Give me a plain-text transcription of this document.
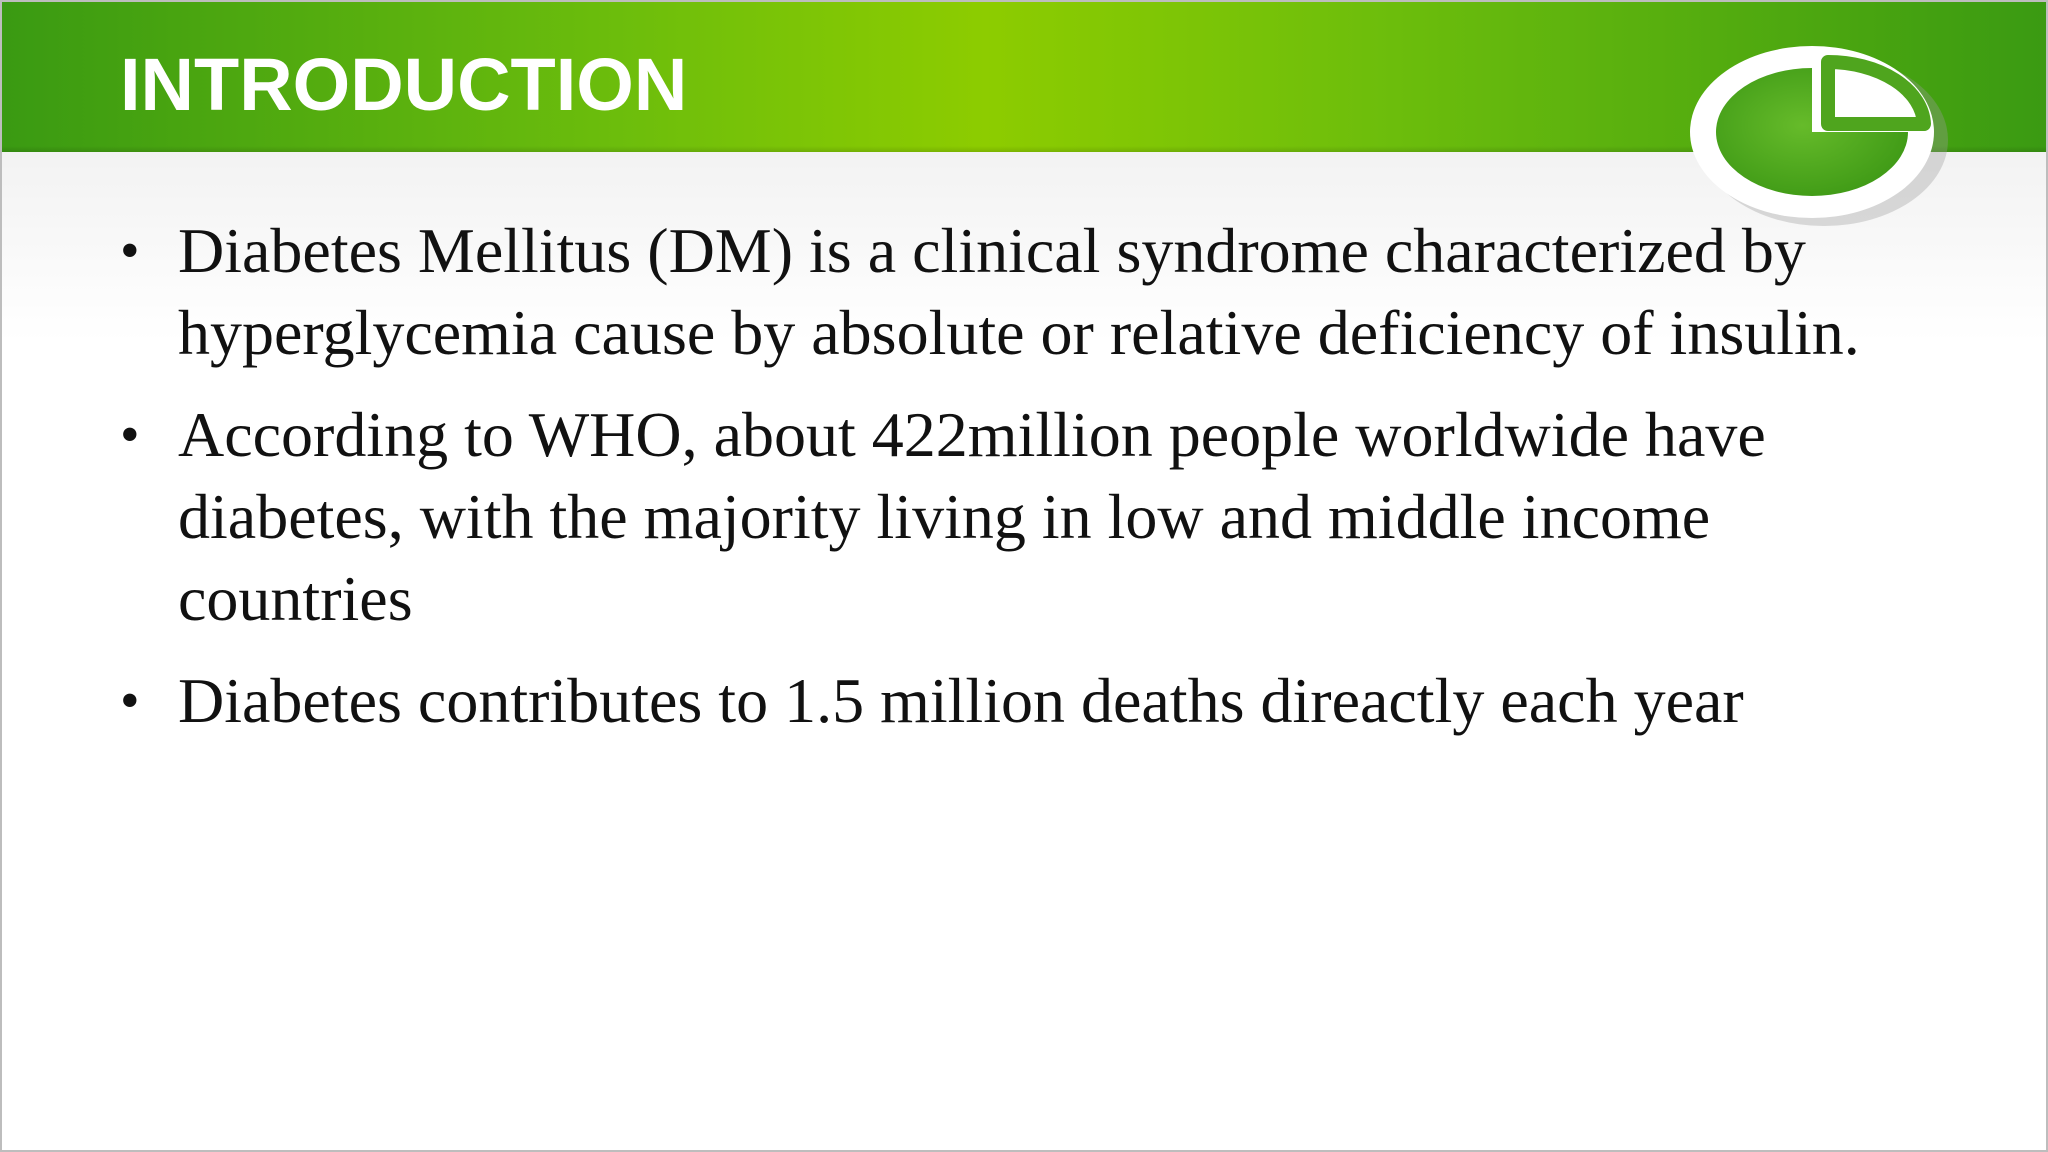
INTRODUCTION
• Diabetes Mellitus (DM) is a clinical syndrome characterized by hyperglycemia cause by absolute or relative deficiency of insulin.
• According to WHO, about 422million people worldwide have diabetes, with the majority living in low and middle income countries
• Diabetes contributes to 1.5 million deaths direactly each year
